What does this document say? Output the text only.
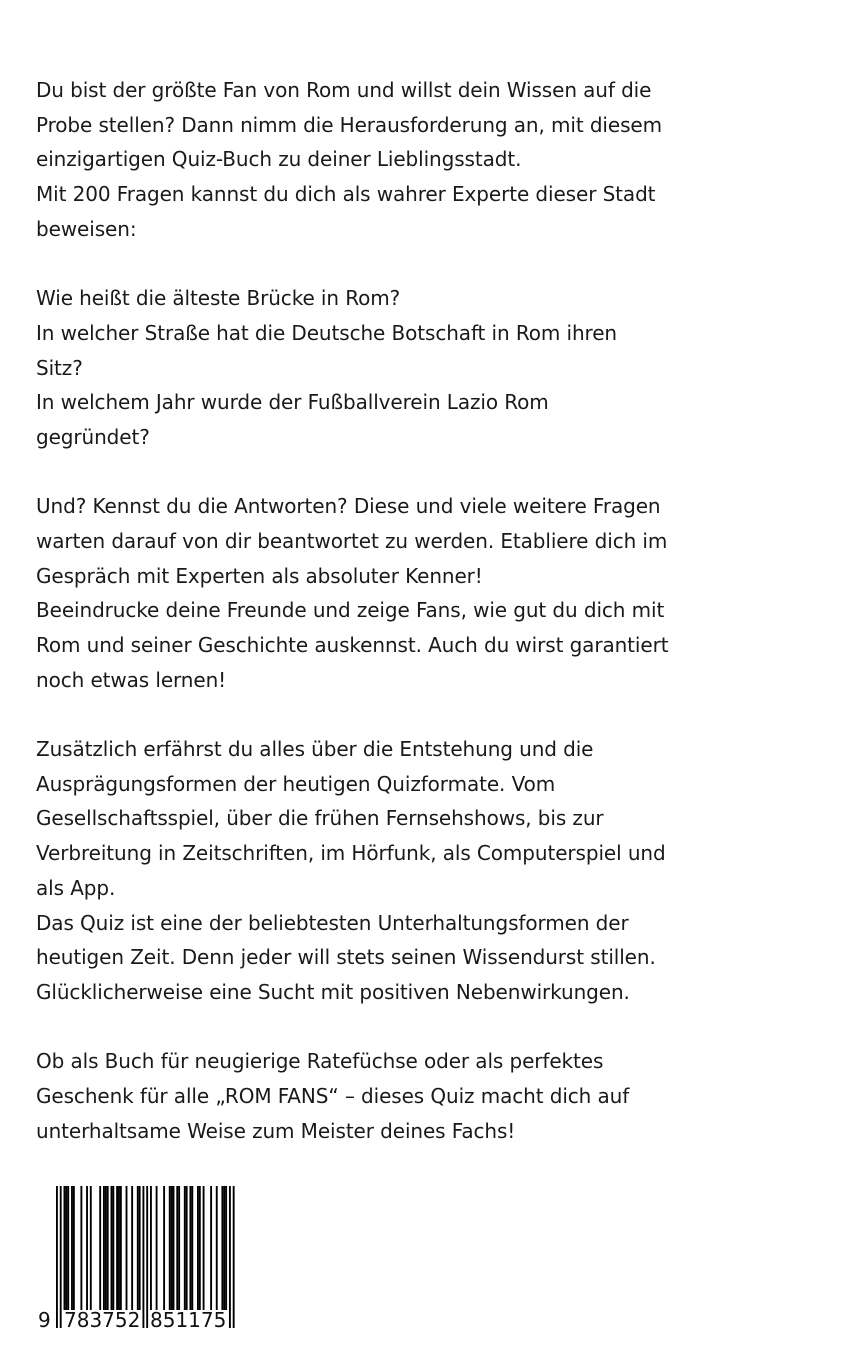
Du bist der größte Fan von Rom und willst dein Wissen auf die
Probe stellen? Dann nimm die Herausforderung an, mit diesem
einzigartigen Quiz-Buch zu deiner Lieblingsstadt.
Mit 200 Fragen kannst du dich als wahrer Experte dieser Stadt
beweisen:
Wie heißt die älteste Brücke in Rom?
In welcher Straße hat die Deutsche Botschaft in Rom ihren
Sitz?
In welchem Jahr wurde der Fußballverein Lazio Rom
gegründet?
Und? Kennst du die Antworten? Diese und viele weitere Fragen
warten darauf von dir beantwortet zu werden. Etabliere dich im
Gespräch mit Experten als absoluter Kenner!
Beeindrucke deine Freunde und zeige Fans, wie gut du dich mit
Rom und seiner Geschichte auskennst. Auch du wirst garantiert
noch etwas lernen!
Zusätzlich erfährst du alles über die Entstehung und die
Ausprägungsformen der heutigen Quizformate. Vom
Gesellschaftsspiel, über die frühen Fernsehshows, bis zur
Verbreitung in Zeitschriften, im Hörfunk, als Computerspiel und
als App.
Das Quiz ist eine der beliebtesten Unterhaltungsformen der
heutigen Zeit. Denn jeder will stets seinen Wissendurst stillen.
Glücklicherweise eine Sucht mit positiven Nebenwirkungen.
Ob als Buch für neugierige Ratefüchse oder als perfektes
Geschenk für alle „ROM FANS“ – dieses Quiz macht dich auf
unterhaltsame Weise zum Meister deines Fachs!
9 783752 851175
